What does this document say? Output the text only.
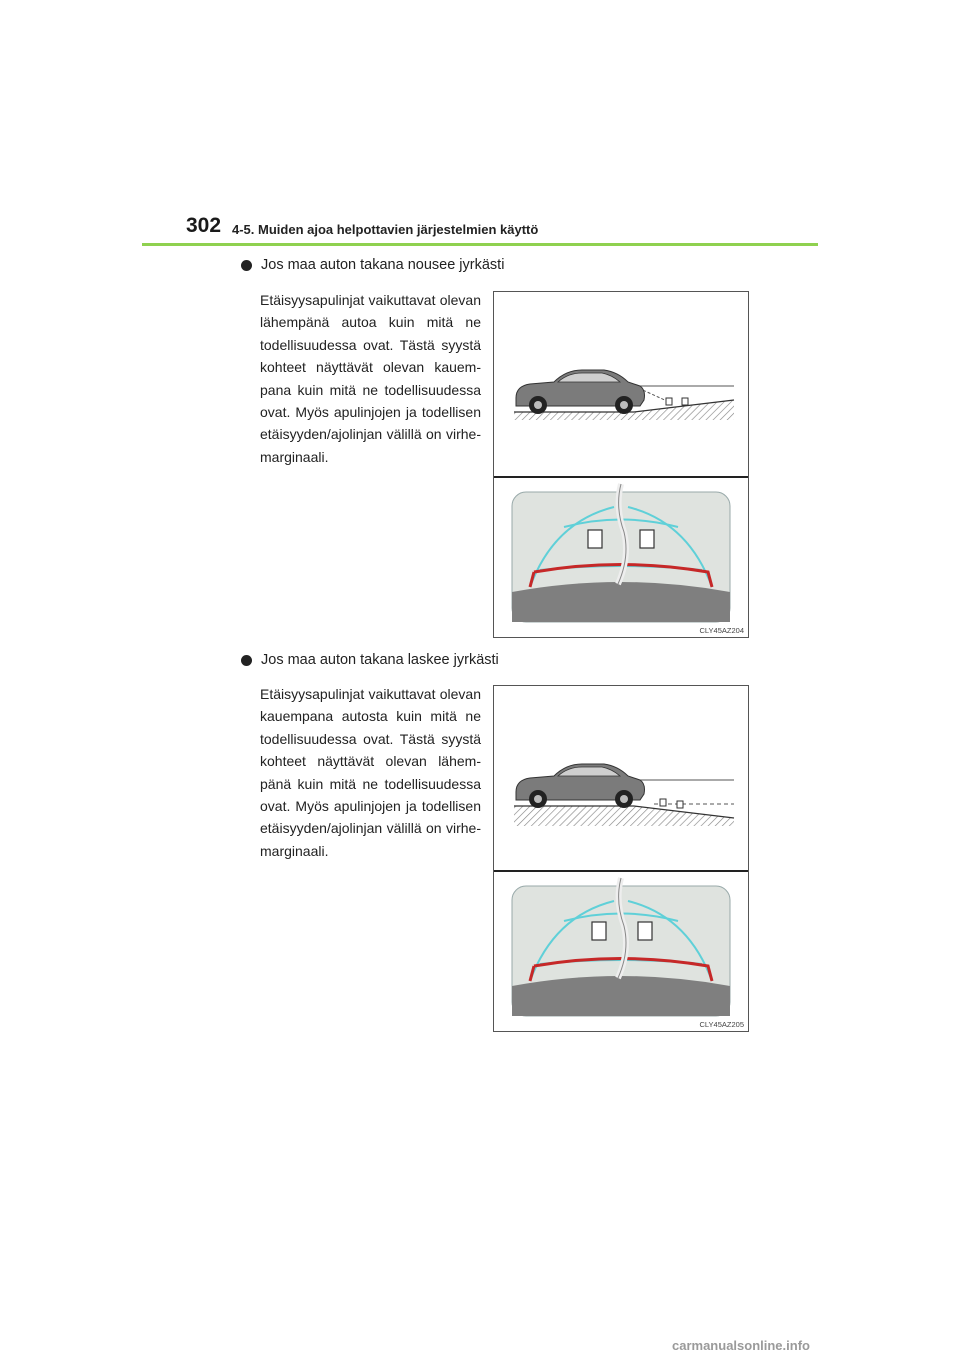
302 4-5. Muiden ajoa helpottavien järjestelmien käyttö
Jos maa auton takana nousee jyrkästi
Etäisyysapulinjat vaikuttavat olevan lähempänä autoa kuin mitä ne todellisuudessa ovat. Tästä syystä kohteet näyttävät olevan kauem-pana kuin mitä ne todellisuudessa ovat. Myös apulinjojen ja todellisen etäisyyden/ajolinjan välillä on virhe-marginaali.
CLY45AZ204
Jos maa auton takana laskee jyrkästi
Etäisyysapulinjat vaikuttavat olevan kauempana autosta kuin mitä ne todellisuudessa ovat. Tästä syystä kohteet näyttävät olevan lähem-pänä kuin mitä ne todellisuudessa ovat. Myös apulinjojen ja todellisen etäisyyden/ajolinjan välillä on virhe-marginaali.
CLY45AZ205
carmanualsonline.info
